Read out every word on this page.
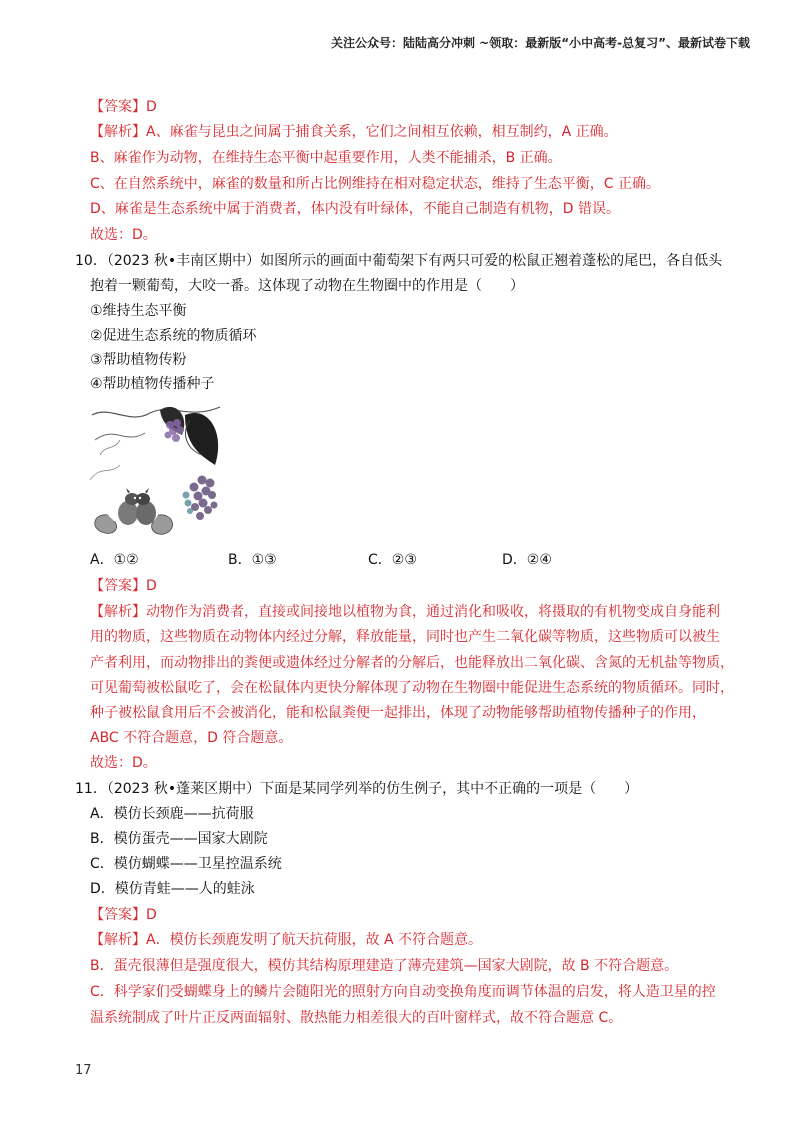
关注公众号：陆陆高分冲刺 ~领取：最新版“小中高考-总复习”、最新试卷下载
【答案】D
【解析】A、麻雀与昆虫之间属于捕食关系，它们之间相互依赖，相互制约，A 正确。
B、麻雀作为动物，在维持生态平衡中起重要作用，人类不能捕杀，B 正确。
C、在自然系统中，麻雀的数量和所占比例维持在相对稳定状态，维持了生态平衡，C 正确。
D、麻雀是生态系统中属于消费者，体内没有叶绿体，不能自己制造有机物，D 错误。
故选：D。
10．（2023 秋•丰南区期中）如图所示的画面中葡萄架下有两只可爱的松鼠正翘着蓬松的尾巴，各自低头
抱着一颗葡萄，大咬一番。这体现了动物在生物圈中的作用是（　　）
①维持生态平衡
②促进生态系统的物质循环
③帮助植物传粉
④帮助植物传播种子
A．①②	B．①③	C．②③	D．②④
【答案】D
【解析】动物作为消费者，直接或间接地以植物为食，通过消化和吸收，将摄取的有机物变成自身能利
用的物质，这些物质在动物体内经过分解，释放能量，同时也产生二氧化碳等物质，这些物质可以被生
产者利用，而动物排出的粪便或遗体经过分解者的分解后，也能释放出二氧化碳、含氮的无机盐等物质，
可见葡萄被松鼠吃了，会在松鼠体内更快分解体现了动物在生物圈中能促进生态系统的物质循环。同时，
种子被松鼠食用后不会被消化，能和松鼠粪便一起排出，体现了动物能够帮助植物传播种子的作用，
ABC 不符合题意，D 符合题意。
故选：D。
11．（2023 秋•蓬莱区期中）下面是某同学列举的仿生例子，其中不正确的一项是（　　）
A．模仿长颈鹿——抗荷服
B．模仿蛋壳——国家大剧院
C．模仿蝴蝶——卫星控温系统
D．模仿青蛙——人的蛙泳
【答案】D
【解析】A．模仿长颈鹿发明了航天抗荷服，故 A 不符合题意。
B．蛋壳很薄但是强度很大，模仿其结构原理建造了薄壳建筑—国家大剧院，故 B 不符合题意。
C．科学家们受蝴蝶身上的鳞片会随阳光的照射方向自动变换角度而调节体温的启发，将人造卫星的控
温系统制成了叶片正反两面辐射、散热能力相差很大的百叶窗样式，故不符合题意 C。
17
